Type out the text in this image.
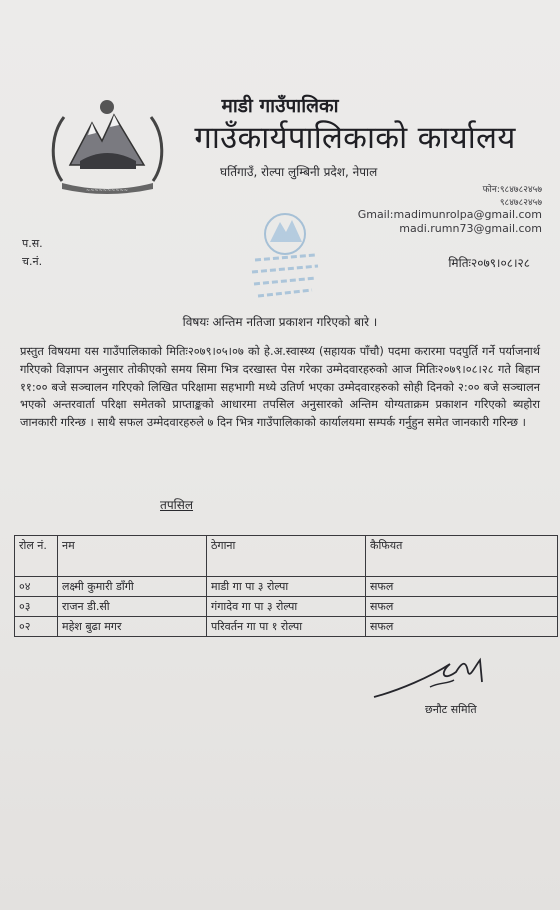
~~~~~~~~~~
माडी गाउँपालिका
गाउँकार्यपालिकाको कार्यालय
घर्तिगाउँ, रोल्पा लुम्बिनी प्रदेश, नेपाल
फोन:९८४७८२४५७
९८४७८२४५७
Gmail:madimunrolpa@gmail.com
madi.rumn73@gmail.com
प.स.
च.नं.	मितिः२०७९।०८।२८
विषयः अन्तिम नतिजा प्रकाशन गरिएको बारे ।
प्रस्तुत विषयमा यस गाउँपालिकाको मितिः२०७९।०५।०७ को हे.अ.स्वास्थ्य (सहायक पाँचौ) पदमा करारमा पदपुर्ति गर्ने पर्याजनार्थ गरिएको विज्ञापन अनुसार तोकीएको समय सिमा भित्र दरखास्त पेस गरेका उम्मेदवारहरुको आज मितिः२०७९।०८।२८ गते बिहान ११:०० बजे सञ्चालन गरिएको लिखित परिक्षामा सहभागी मध्ये उतिर्ण भएका उम्मेदवारहरुको सोही दिनको २:०० बजे सञ्चालन भएको अन्तरवार्ता परिक्षा समेतको प्राप्ताङ्कको आधारमा तपसिल अनुसारको अन्तिम योग्यताक्रम प्रकाशन गरिएको ब्यहोरा जानकारी गरिन्छ । साथै सफल उम्मेदवारहरुले ७ दिन भित्र गाउँपालिकाको कार्यालयमा सम्पर्क गर्नुहुन समेत जानकारी गरिन्छ ।
तपसिल
रोल नं.	नम	ठेगाना	कैफियत
०४	लक्ष्मी कुमारी डाँगी	माडी गा पा ३ रोल्पा	सफल
०३	राजन डी.सी	गंगादेव गा पा ३ रोल्पा	सफल
०२	महेश बुढा मगर	परिवर्तन गा पा १ रोल्पा	सफल
छनौट समिति
